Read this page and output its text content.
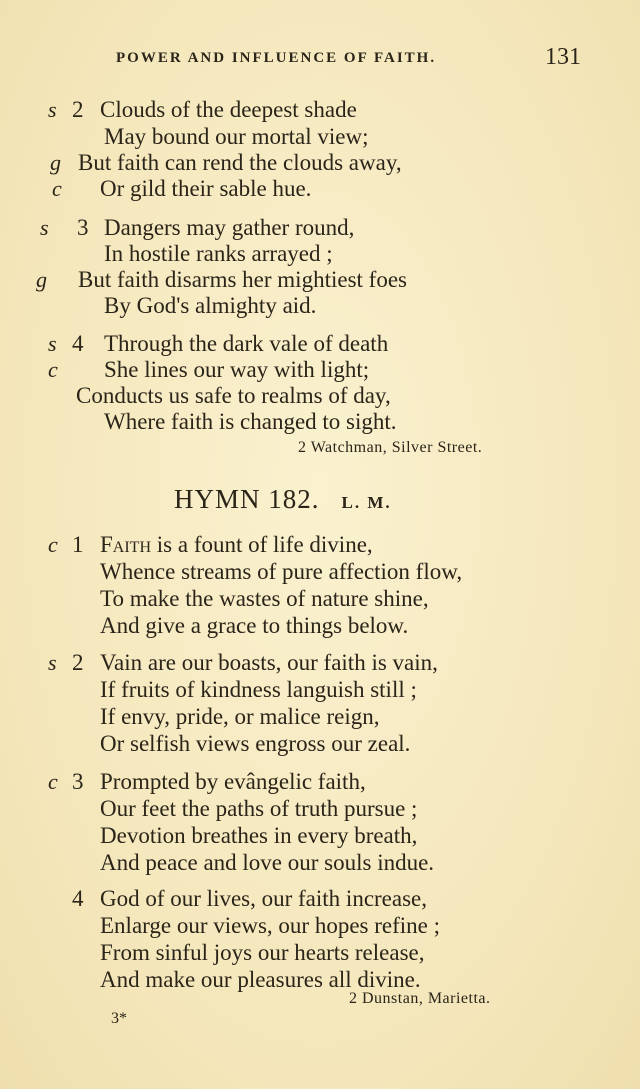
POWER AND INFLUENCE OF FAITH.	131
s 2 Clouds of the deepest shade
May bound our mortal view;
g But faith can rend the clouds away,
c Or gild their sable hue.
s 3 Dangers may gather round,
In hostile ranks arrayed ;
g But faith disarms her mightiest foes
By God's almighty aid.
s 4 Through the dark vale of death
c She lines our way with light;
Conducts us safe to realms of day,
Where faith is changed to sight.
2 Watchman, Silver Street.
HYMN 182. L. M.
c 1 Faith is a fount of life divine,
Whence streams of pure affection flow,
To make the wastes of nature shine,
And give a grace to things below.
s 2 Vain are our boasts, our faith is vain,
If fruits of kindness languish still ;
If envy, pride, or malice reign,
Or selfish views engross our zeal.
c 3 Prompted by evângelic faith,
Our feet the paths of truth pursue ;
Devotion breathes in every breath,
And peace and love our souls indue.
4 God of our lives, our faith increase,
Enlarge our views, our hopes refine ;
From sinful joys our hearts release,
And make our pleasures all divine.
2 Dunstan, Marietta.
3*
